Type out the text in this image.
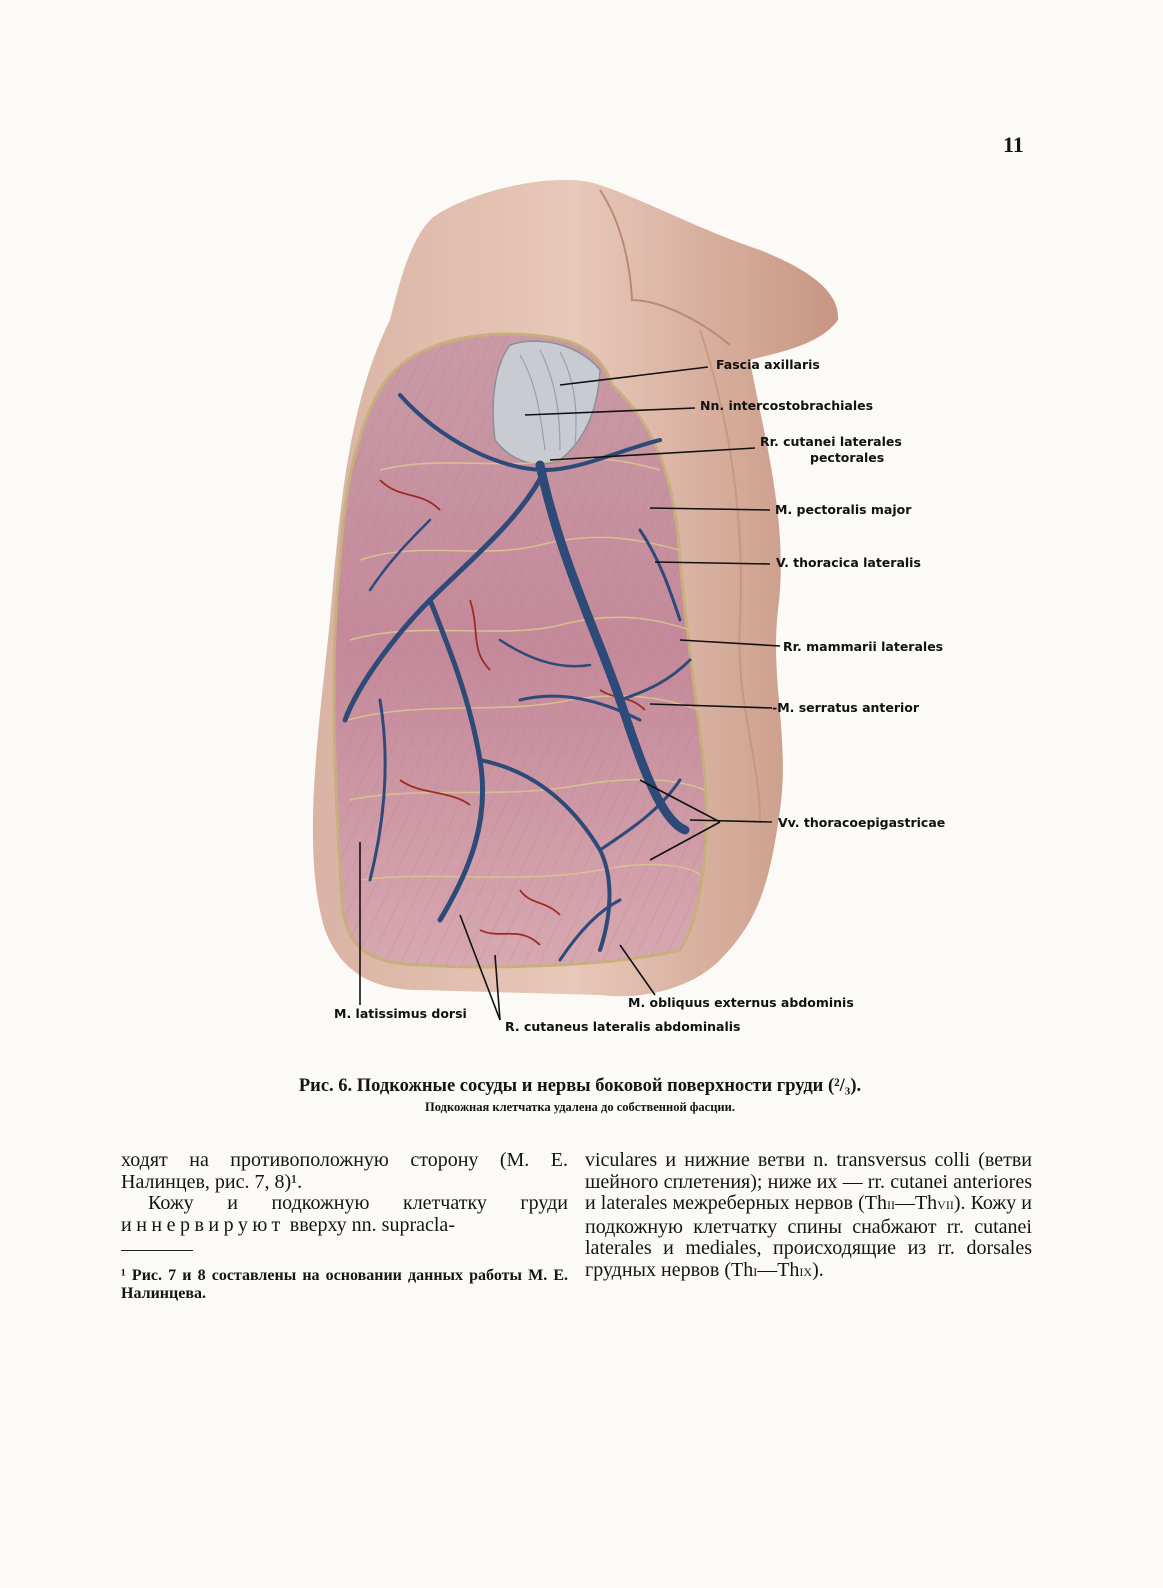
11
Fascia axillaris
Nn. intercostobrachiales
Rr. cutanei laterales
pectorales
M. pectoralis major
V. thoracica lateralis
Rr. mammarii laterales
-M. serratus anterior
Vv. thoracoepigastricae
M. obliquus externus abdominis
M. latissimus dorsi
R. cutaneus lateralis abdominalis
Рис. 6. Подкожные сосуды и нервы боковой поверхности груди (²/₃).
Подкожная клетчатка удалена до собственной фасции.

ходят на противоположную сторону (М. Е. Налинцев, рис. 7, 8)¹.

Кожу и подкожную клетчатку груди иннервируют вверху nn. supracla-

¹ Рис. 7 и 8 составлены на основании данных работы М. Е. Налинцева.

viculares и нижние ветви n. transversus colli (ветви шейного сплетения); ниже их — rr. cutanei anteriores и laterales межреберных нервов (ThII—ThVII). Кожу и подкожную клетчатку спины снабжают rr. cutanei laterales и mediales, происходящие из rr. dorsales грудных нервов (ThI—ThIX).
